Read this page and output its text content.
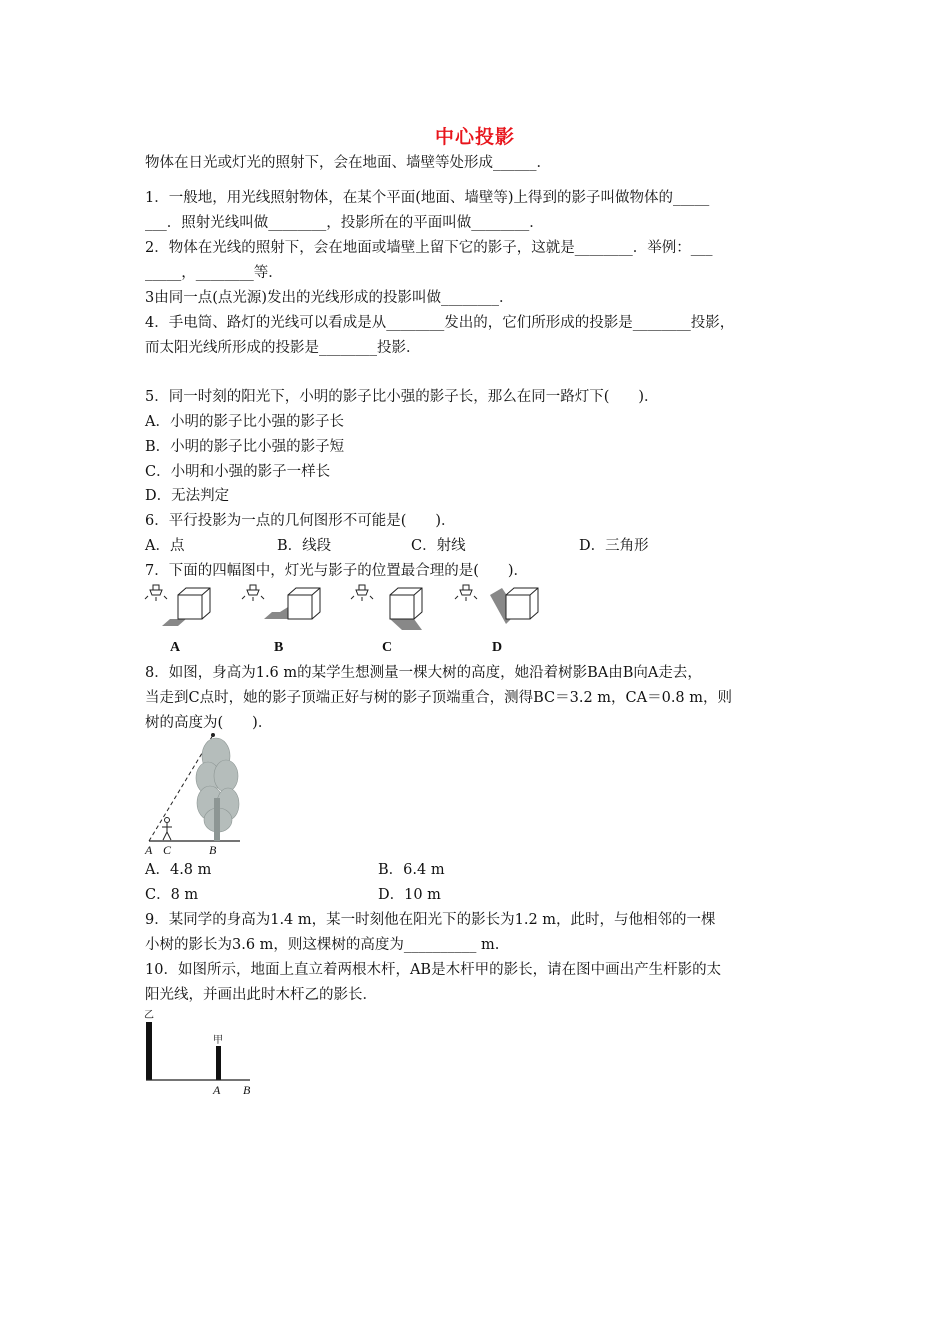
中心投影
物体在日光或灯光的照射下，会在地面、墙壁等处形成______．
1．一般地，用光线照射物体，在某个平面(地面、墙壁等)上得到的影子叫做物体的_____
___．照射光线叫做________，投影所在的平面叫做________．
2．物体在光线的照射下，会在地面或墙壁上留下它的影子，这就是________．举例：___
_____，________等．
3由同一点(点光源)发出的光线形成的投影叫做________．
4．手电筒、路灯的光线可以看成是从________发出的，它们所形成的投影是________投影，
而太阳光线所形成的投影是________投影．
5．同一时刻的阳光下，小明的影子比小强的影子长，那么在同一路灯下(　　)．
A．小明的影子比小强的影子长
B．小明的影子比小强的影子短
C．小明和小强的影子一样长
D．无法判定
6．平行投影为一点的几何图形不可能是(　　)．
A．点	B．线段	C．射线	D．三角形
7．下面的四幅图中，灯光与影子的位置最合理的是(　　)．
A	B	C	D
8．如图，身高为1.6 m的某学生想测量一棵大树的高度，她沿着树影BA由B向A走去，
当走到C点时，她的影子顶端正好与树的影子顶端重合，测得BC＝3.2 m，CA＝0.8 m，则
树的高度为(　　)．
A C	B
A．4.8 m	B．6.4 m
C．8 m	D．10 m
9．某同学的身高为1.4 m，某一时刻他在阳光下的影长为1.2 m，此时，与他相邻的一棵
小树的影长为3.6 m，则这棵树的高度为__________ m.
10．如图所示，地面上直立着两根木杆，AB是木杆甲的影长，请在图中画出产生杆影的太
阳光线，并画出此时木杆乙的影长．
乙
甲
A B
